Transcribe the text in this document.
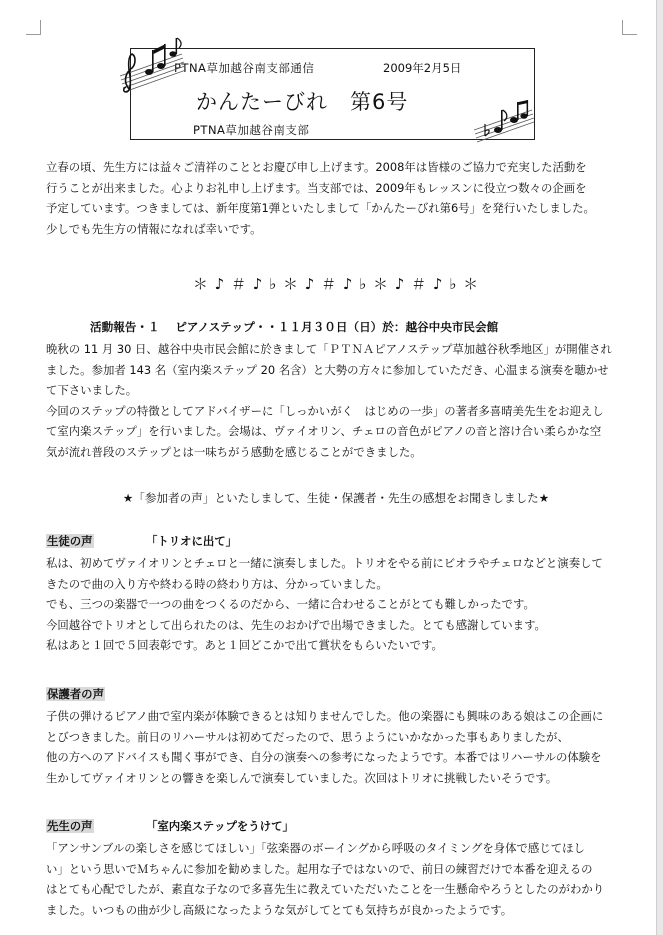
PTNA草加越谷南支部通信	2009年2月5日
かんたーびれ 第6号
PTNA草加越谷南支部
立春の頃、先生方には益々ご清祥のこととお慶び申し上げます。2008年は皆様のご協力で充実した活動を
行うことが出来ました。心よりお礼申し上げます。当支部では、2009年もレッスンに役立つ数々の企画を
予定しています。つきましては、新年度第1弾といたしまして「かんたーびれ第6号」を発行いたしました。
少しでも先生方の情報になれば幸いです。
＊ ♪ ＃ ♪ ♭ ＊ ♪ ＃ ♪ ♭ ＊ ♪ ＃ ♪ ♭ ＊
活動報告・１　 ピアノステップ・・１１月３０日（日）於：越谷中央市民会館
晩秋の 11 月 30 日、越谷中央市民会館に於きまして「ＰＴＮＡピアノステップ草加越谷秋季地区」が開催され
ました。参加者 143 名（室内楽ステップ 20 名含）と大勢の方々に参加していただき、心温まる演奏を聴かせ
て下さいました。
今回のステップの特徴としてアドバイザーに「しっかいがく　はじめの一歩」の著者多喜晴美先生をお迎えし
て室内楽ステップ」を行いました。会場は、ヴァイオリン、チェロの音色がピアノの音と溶け合い柔らかな空
気が流れ普段のステップとは一味ちがう感動を感じることができました。
★「参加者の声」といたしまして、生徒・保護者・先生の感想をお聞きしました★
生徒の声	「トリオに出て」
私は、初めてヴァイオリンとチェロと一緒に演奏しました。トリオをやる前にビオラやチェロなどと演奏して
きたので曲の入り方や終わる時の終わり方は、分かっていました。
でも、三つの楽器で一つの曲をつくるのだから、一緒に合わせることがとても難しかったです。
今回越谷でトリオとして出られたのは、先生のおかげで出場できました。とても感謝しています。
私はあと１回で５回表彰です。あと１回どこかで出て賞状をもらいたいです。
保護者の声
子供の弾けるピアノ曲で室内楽が体験できるとは知りませんでした。他の楽器にも興味のある娘はこの企画に
とびつきました。前日のリハーサルは初めてだったので、思うようにいかなかった事もありましたが、
他の方へのアドバイスも聞く事ができ、自分の演奏への参考になったようです。本番ではリハーサルの体験を
生かしてヴァイオリンとの響きを楽しんで演奏していました。次回はトリオに挑戦したいそうです。
先生の声	「室内楽ステップをうけて」
「アンサンブルの楽しさを感じてほしい」「弦楽器のボーイングから呼吸のタイミングを身体で感じてほし
い」という思いでＭちゃんに参加を勧めました。起用な子ではないので、前日の練習だけで本番を迎えるの
はとても心配でしたが、素直な子なので多喜先生に教えていただいたことを一生懸命やろうとしたのがわかり
ました。いつもの曲が少し高級になったような気がしてとても気持ちが良かったようです。
